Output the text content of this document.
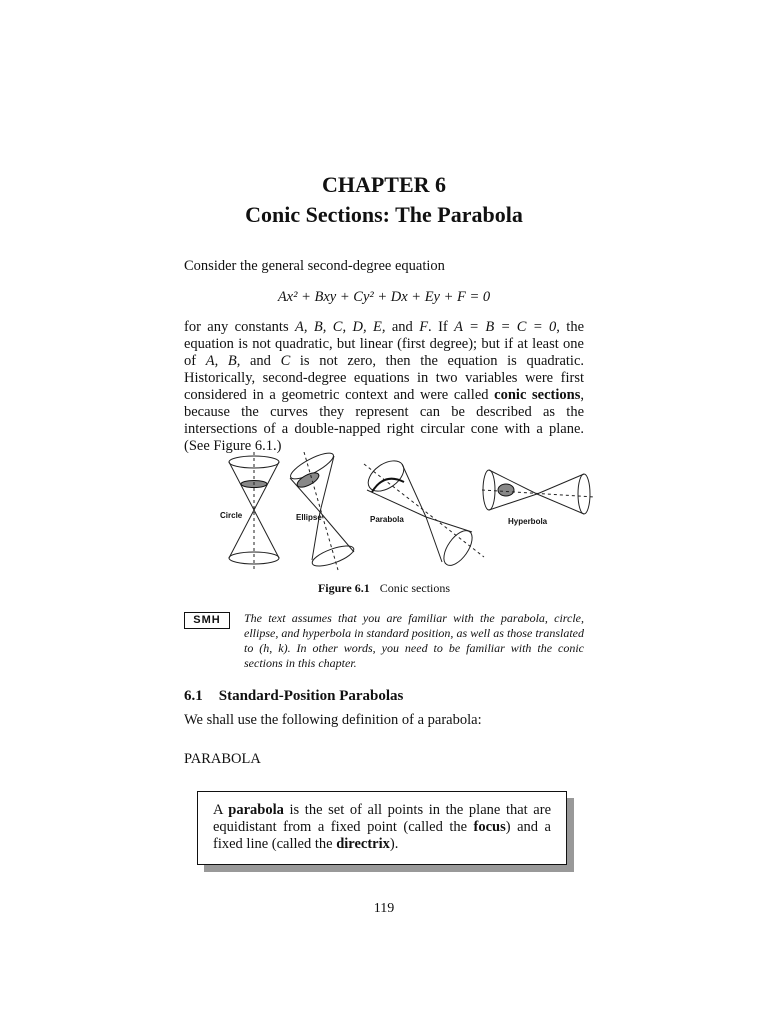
CHAPTER 6
Conic Sections: The Parabola
Consider the general second-degree equation
Ax² + Bxy + Cy² + Dx + Ey + F = 0
for any constants A, B, C, D, E, and F. If A = B = C = 0, the equation is not quadratic, but linear (first degree); but if at least one of A, B, and C is not zero, then the equation is quadratic. Historically, second-degree equations in two variables were first considered in a geometric context and were called conic sections, because the curves they represent can be described as the intersections of a double-napped right circular cone with a plane. (See Figure 6.1.)
Circle	Ellipse	Parabola	Hyperbola
Figure 6.1 Conic sections
SMH	The text assumes that you are familiar with the parabola, circle, ellipse, and hyperbola in standard position, as well as those translated to (h, k). In other words, you need to be familiar with the conic sections in this chapter.
6.1 Standard-Position Parabolas
We shall use the following definition of a parabola:
PARABOLA
A parabola is the set of all points in the plane that are equidistant from a fixed point (called the focus) and a fixed line (called the directrix).
119
